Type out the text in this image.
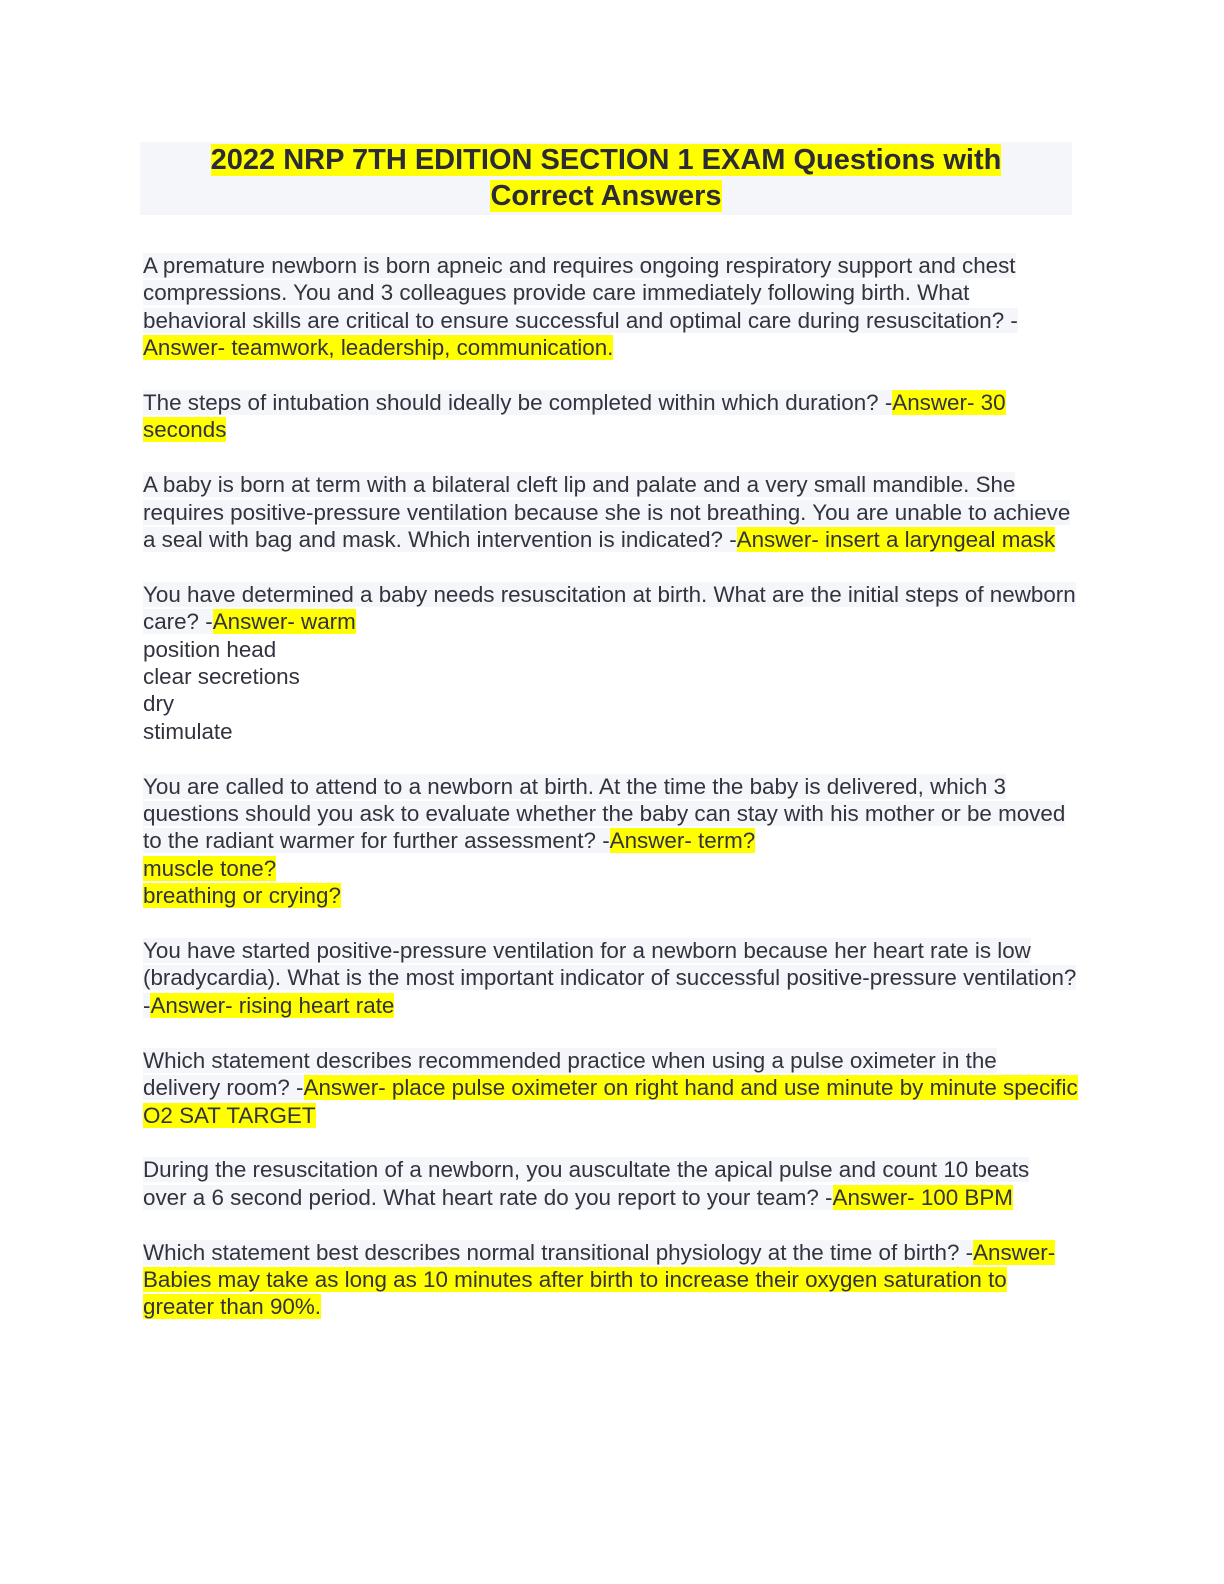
2022 NRP 7TH EDITION SECTION 1 EXAM Questions with
Correct Answers
A premature newborn is born apneic and requires ongoing respiratory support and chest compressions. You and 3 colleagues provide care immediately following birth. What behavioral skills are critical to ensure successful and optimal care during resuscitation? -Answer- teamwork, leadership, communication.
The steps of intubation should ideally be completed within which duration? -Answer- 30 seconds
A baby is born at term with a bilateral cleft lip and palate and a very small mandible. She requires positive-pressure ventilation because she is not breathing. You are unable to achieve a seal with bag and mask. Which intervention is indicated? -Answer- insert a laryngeal mask
You have determined a baby needs resuscitation at birth. What are the initial steps of newborn care? -Answer- warm
position head
clear secretions
dry
stimulate
You are called to attend to a newborn at birth. At the time the baby is delivered, which 3 questions should you ask to evaluate whether the baby can stay with his mother or be moved to the radiant warmer for further assessment? -Answer- term?
muscle tone?
breathing or crying?
You have started positive-pressure ventilation for a newborn because her heart rate is low (bradycardia). What is the most important indicator of successful positive-pressure ventilation? -Answer- rising heart rate
Which statement describes recommended practice when using a pulse oximeter in the delivery room? -Answer- place pulse oximeter on right hand and use minute by minute specific O2 SAT TARGET
During the resuscitation of a newborn, you auscultate the apical pulse and count 10 beats over a 6 second period. What heart rate do you report to your team? -Answer- 100 BPM
Which statement best describes normal transitional physiology at the time of birth? -Answer- Babies may take as long as 10 minutes after birth to increase their oxygen saturation to greater than 90%.
